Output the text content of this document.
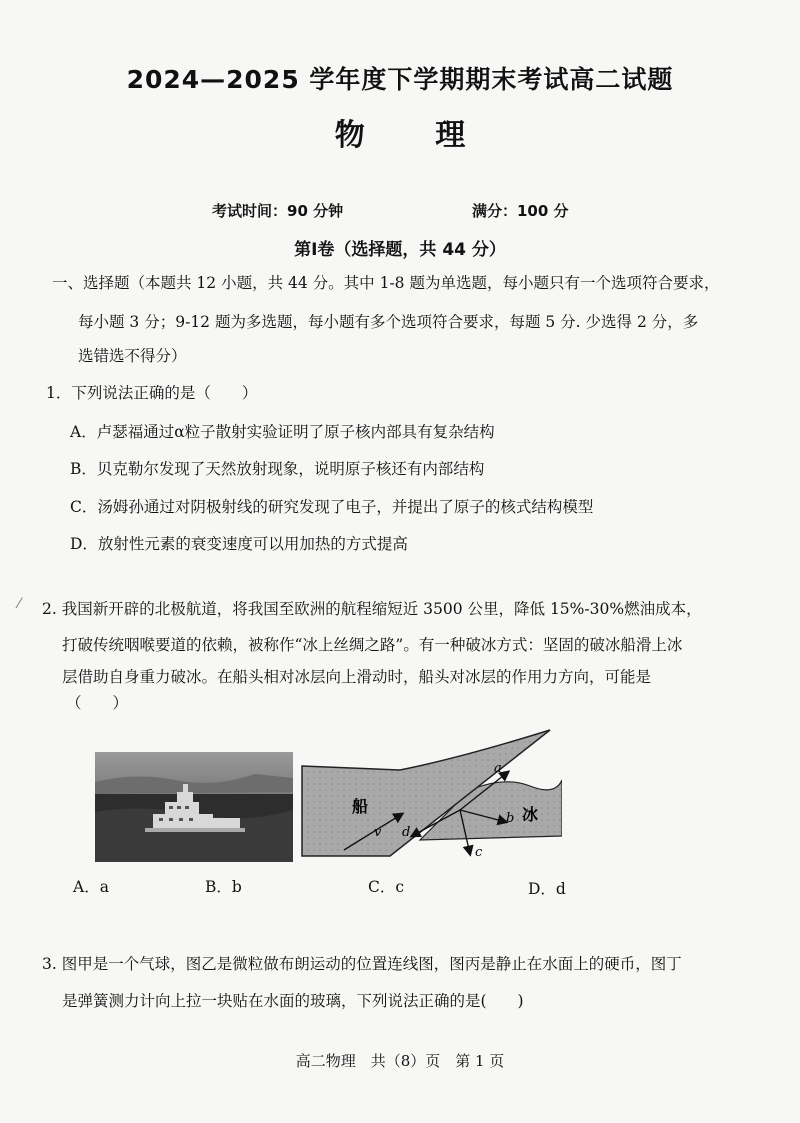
2024—2025 学年度下学期期末考试高二试题
物 理
考试时间：90 分钟	满分：100 分
第Ⅰ卷（选择题，共 44 分）
一、选择题（本题共 12 小题，共 44 分。其中 1-8 题为单选题，每小题只有一个选项符合要求，
每小题 3 分；9-12 题为多选题，每小题有多个选项符合要求，每题 5 分. 少选得 2 分，多
选错选不得分）
1．下列说法正确的是（　　）
A．卢瑟福通过α粒子散射实验证明了原子核内部具有复杂结构
B．贝克勒尔发现了天然放射现象，说明原子核还有内部结构
C．汤姆孙通过对阴极射线的研究发现了电子，并提出了原子的核式结构模型
D．放射性元素的衰变速度可以用加热的方式提高
⁄ 2. 我国新开辟的北极航道，将我国至欧洲的航程缩短近 3500 公里，降低 15%-30%燃油成本，
打破传统咽喉要道的依赖，被称作“冰上丝绸之路”。有一种破冰方式：坚固的破冰船滑上冰
层借助自身重力破冰。在船头相对冰层向上滑动时，船头对冰层的作用力方向，可能是
（　　）
船	冰
v
a
b
c
d
A．a	B．b	C．c	D．d
3. 图甲是一个气球，图乙是微粒做布朗运动的位置连线图，图丙是静止在水面上的硬币，图丁
是弹簧测力计向上拉一块贴在水面的玻璃，下列说法正确的是(　　)
高二物理　共（8）页　第 1 页
